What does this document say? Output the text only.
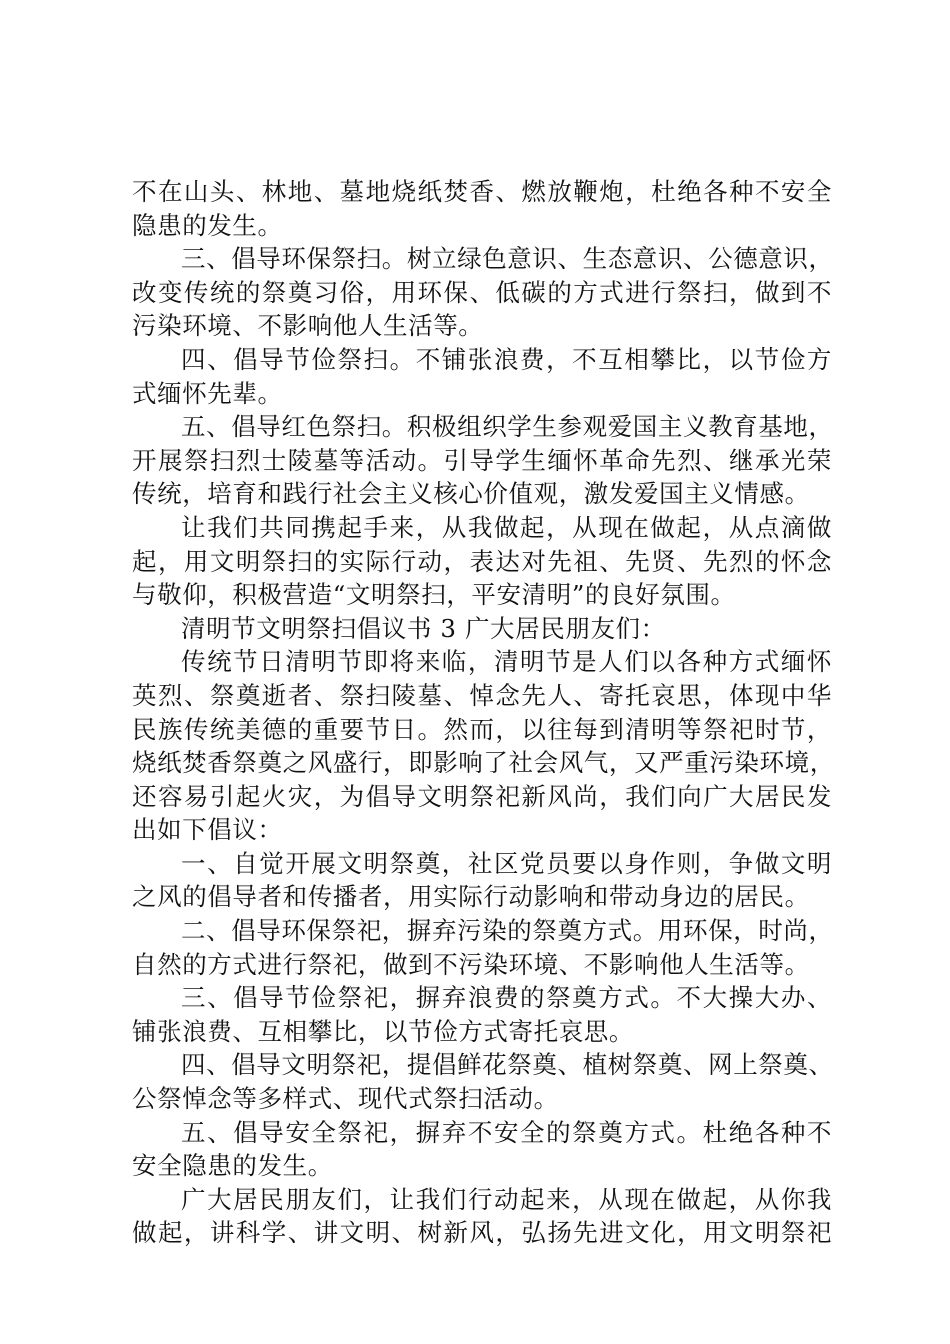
不在山头、林地、墓地烧纸焚香、燃放鞭炮，杜绝各种不安全
隐患的发生。
三、倡导环保祭扫。树立绿色意识、生态意识、公德意识，
改变传统的祭奠习俗，用环保、低碳的方式进行祭扫，做到不
污染环境、不影响他人生活等。
四、倡导节俭祭扫。不铺张浪费，不互相攀比，以节俭方
式缅怀先辈。
五、倡导红色祭扫。积极组织学生参观爱国主义教育基地，
开展祭扫烈士陵墓等活动。引导学生缅怀革命先烈、继承光荣
传统，培育和践行社会主义核心价值观，激发爱国主义情感。
让我们共同携起手来，从我做起，从现在做起，从点滴做
起，用文明祭扫的实际行动，表达对先祖、先贤、先烈的怀念
与敬仰，积极营造“文明祭扫，平安清明”的良好氛围。
清明节文明祭扫倡议书 3 广大居民朋友们：
传统节日清明节即将来临，清明节是人们以各种方式缅怀
英烈、祭奠逝者、祭扫陵墓、悼念先人、寄托哀思，体现中华
民族传统美德的重要节日。然而，以往每到清明等祭祀时节，
烧纸焚香祭奠之风盛行，即影响了社会风气，又严重污染环境，
还容易引起火灾，为倡导文明祭祀新风尚，我们向广大居民发
出如下倡议：
一、自觉开展文明祭奠，社区党员要以身作则，争做文明
之风的倡导者和传播者，用实际行动影响和带动身边的居民。
二、倡导环保祭祀，摒弃污染的祭奠方式。用环保，时尚，
自然的方式进行祭祀，做到不污染环境、不影响他人生活等。
三、倡导节俭祭祀，摒弃浪费的祭奠方式。不大操大办、
铺张浪费、互相攀比，以节俭方式寄托哀思。
四、倡导文明祭祀，提倡鲜花祭奠、植树祭奠、网上祭奠、
公祭悼念等多样式、现代式祭扫活动。
五、倡导安全祭祀，摒弃不安全的祭奠方式。杜绝各种不
安全隐患的发生。
广大居民朋友们，让我们行动起来，从现在做起，从你我
做起，讲科学、讲文明、树新风，弘扬先进文化，用文明祭祀
